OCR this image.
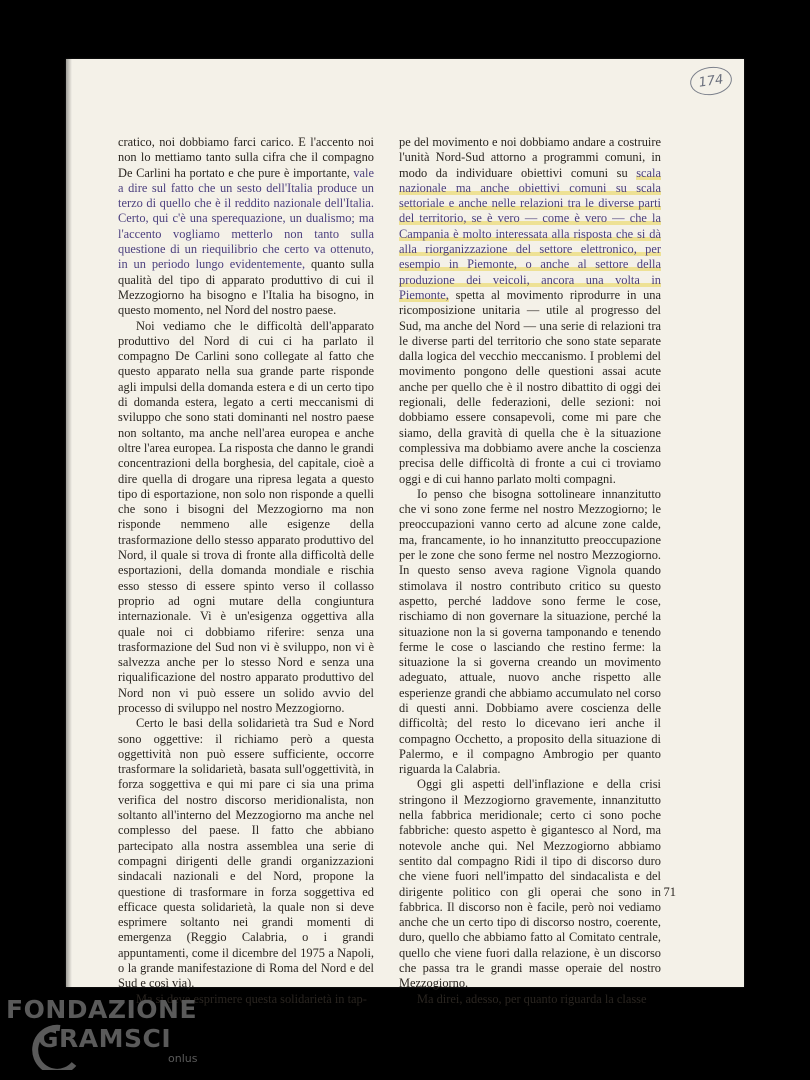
174

cratico, noi dobbiamo farci carico. E l'accento noi non lo mettiamo tanto sulla cifra che il compagno De Carlini ha portato e che pure è importante, vale a dire sul fatto che un sesto dell'Italia produce un terzo di quello che è il reddito nazionale dell'Italia. Certo, qui c'è una sperequazione, un dualismo; ma l'accento vogliamo metterlo non tanto sulla questione di un riequilibrio che certo va ottenuto, in un periodo lungo evidentemente, quanto sulla qualità del tipo di apparato produttivo di cui il Mezzogiorno ha bisogno e l'Italia ha bisogno, in questo momento, nel Nord del nostro paese.

Noi vediamo che le difficoltà dell'apparato produttivo del Nord di cui ci ha parlato il compagno De Carlini sono collegate al fatto che questo apparato nella sua grande parte risponde agli impulsi della domanda estera e di un certo tipo di domanda estera, legato a certi meccanismi di sviluppo che sono stati dominanti nel nostro paese non soltanto, ma anche nell'area europea e anche oltre l'area europea. La risposta che danno le grandi concentrazioni della borghesia, del capitale, cioè a dire quella di drogare una ripresa legata a questo tipo di esportazione, non solo non risponde a quelli che sono i bisogni del Mezzogiorno ma non risponde nemmeno alle esigenze della trasformazione dello stesso apparato produttivo del Nord, il quale si trova di fronte alla difficoltà delle esportazioni, della domanda mondiale e rischia esso stesso di essere spinto verso il collasso proprio ad ogni mutare della congiuntura internazionale. Vi è un'esigenza oggettiva alla quale noi ci dobbiamo riferire: senza una trasformazione del Sud non vi è sviluppo, non vi è salvezza anche per lo stesso Nord e senza una riqualificazione del nostro apparato produttivo del Nord non vi può essere un solido avvio del processo di sviluppo nel nostro Mezzogiorno.

Certo le basi della solidarietà tra Sud e Nord sono oggettive: il richiamo però a questa oggettività non può essere sufficiente, occorre trasformare la solidarietà, basata sull'oggettività, in forza soggettiva e qui mi pare ci sia una prima verifica del nostro discorso meridionalista, non soltanto all'interno del Mezzogiorno ma anche nel complesso del paese. Il fatto che abbiano partecipato alla nostra assemblea una serie di compagni dirigenti delle grandi organizzazioni sindacali nazionali e del Nord, propone la questione di trasformare in forza soggettiva ed efficace questa solidarietà, la quale non si deve esprimere soltanto nei grandi momenti di emergenza (Reggio Calabria, o i grandi appuntamenti, come il dicembre del 1975 a Napoli, o la grande manifestazione di Roma del Nord e del Sud e così via).

Ma si deve esprimere questa solidarietà in tap-

pe del movimento e noi dobbiamo andare a costruire l'unità Nord-Sud attorno a programmi comuni, in modo da individuare obiettivi comuni su scala nazionale ma anche obiettivi comuni su scala settoriale e anche nelle relazioni tra le diverse parti del territorio, se è vero — come è vero — che la Campania è molto interessata alla risposta che si dà alla riorganizzazione del settore elettronico, per esempio in Piemonte, o anche al settore della produzione dei veicoli, ancora una volta in Piemonte, spetta al movimento riprodurre in una ricomposizione unitaria — utile al progresso del Sud, ma anche del Nord — una serie di relazioni tra le diverse parti del territorio che sono state separate dalla logica del vecchio meccanismo. I problemi del movimento pongono delle questioni assai acute anche per quello che è il nostro dibattito di oggi dei regionali, delle federazioni, delle sezioni: noi dobbiamo essere consapevoli, come mi pare che siamo, della gravità di quella che è la situazione complessiva ma dobbiamo avere anche la coscienza precisa delle difficoltà di fronte a cui ci troviamo oggi e di cui hanno parlato molti compagni.

Io penso che bisogna sottolineare innanzitutto che vi sono zone ferme nel nostro Mezzogiorno; le preoccupazioni vanno certo ad alcune zone calde, ma, francamente, io ho innanzitutto preoccupazione per le zone che sono ferme nel nostro Mezzogiorno. In questo senso aveva ragione Vignola quando stimolava il nostro contributo critico su questo aspetto, perché laddove sono ferme le cose, rischiamo di non governare la situazione, perché la situazione non la si governa tamponando e tenendo ferme le cose o lasciando che restino ferme: la situazione la si governa creando un movimento adeguato, attuale, nuovo anche rispetto alle esperienze grandi che abbiamo accumulato nel corso di questi anni. Dobbiamo avere coscienza delle difficoltà; del resto lo dicevano ieri anche il compagno Occhetto, a proposito della situazione di Palermo, e il compagno Ambrogio per quanto riguarda la Calabria.

Oggi gli aspetti dell'inflazione e della crisi stringono il Mezzogiorno gravemente, innanzitutto nella fabbrica meridionale; certo ci sono poche fabbriche: questo aspetto è gigantesco al Nord, ma notevole anche qui. Nel Mezzogiorno abbiamo sentito dal compagno Ridi il tipo di discorso duro che viene fuori nell'impatto del sindacalista e del dirigente politico con gli operai che sono in fabbrica. Il discorso non è facile, però noi vediamo anche che un certo tipo di discorso nostro, coerente, duro, quello che abbiamo fatto al Comitato centrale, quello che viene fuori dalla relazione, è un discorso che passa tra le grandi masse operaie del nostro Mezzogiorno.

Ma direi, adesso, per quanto riguarda la classe

71
FONDAZIONE
GRAMSCI
onlus
